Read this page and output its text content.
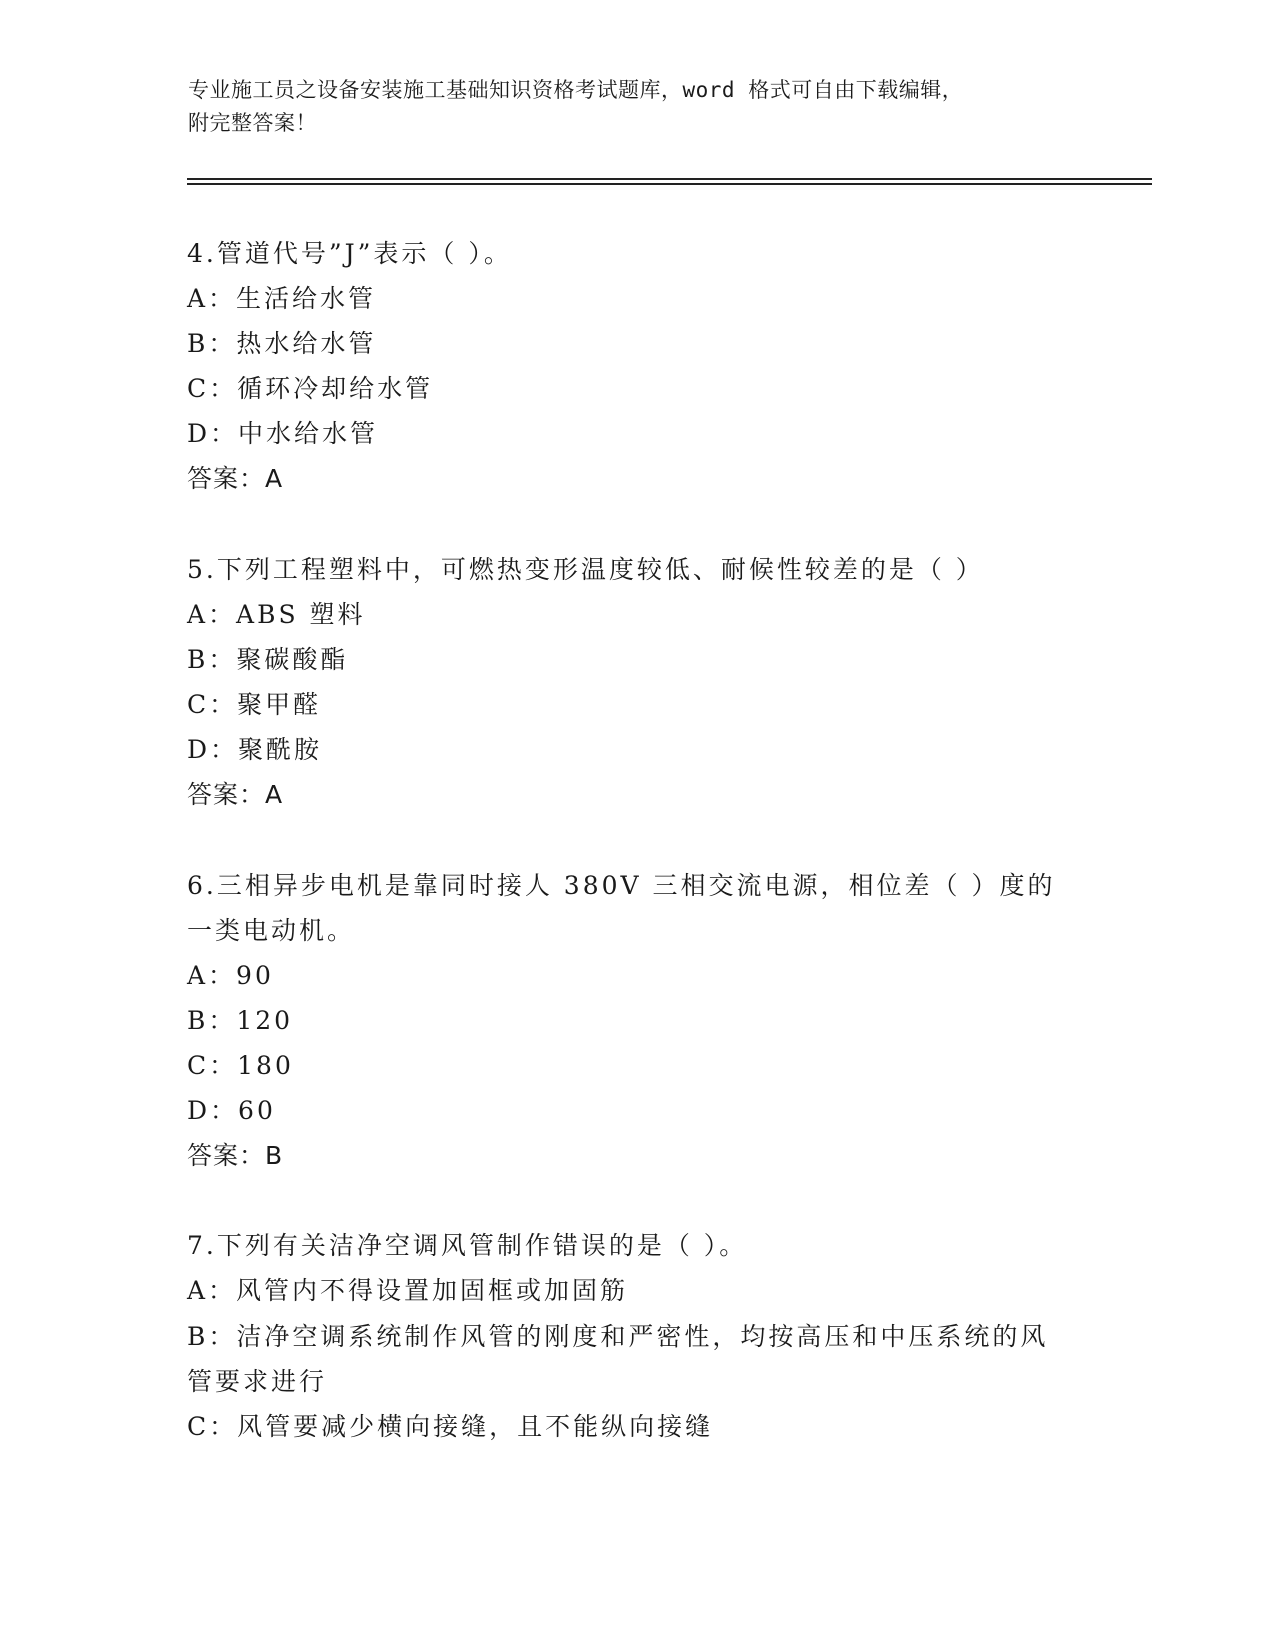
专业施工员之设备安装施工基础知识资格考试题库，word 格式可自由下载编辑，
附完整答案！
4.管道代号”J”表示（ ）。
A：生活给水管
B：热水给水管
C：循环冷却给水管
D：中水给水管
答案：A
5.下列工程塑料中，可燃热变形温度较低、耐候性较差的是（ ）
A：ABS 塑料
B：聚碳酸酯
C：聚甲醛
D：聚酰胺
答案：A
6.三相异步电机是靠同时接人 380V 三相交流电源，相位差（ ）度的
一类电动机。
A：90
B：120
C：180
D：60
答案：B
7.下列有关洁净空调风管制作错误的是（ ）。
A：风管内不得设置加固框或加固筋
B：洁净空调系统制作风管的刚度和严密性，均按高压和中压系统的风
管要求进行
C：风管要减少横向接缝，且不能纵向接缝
